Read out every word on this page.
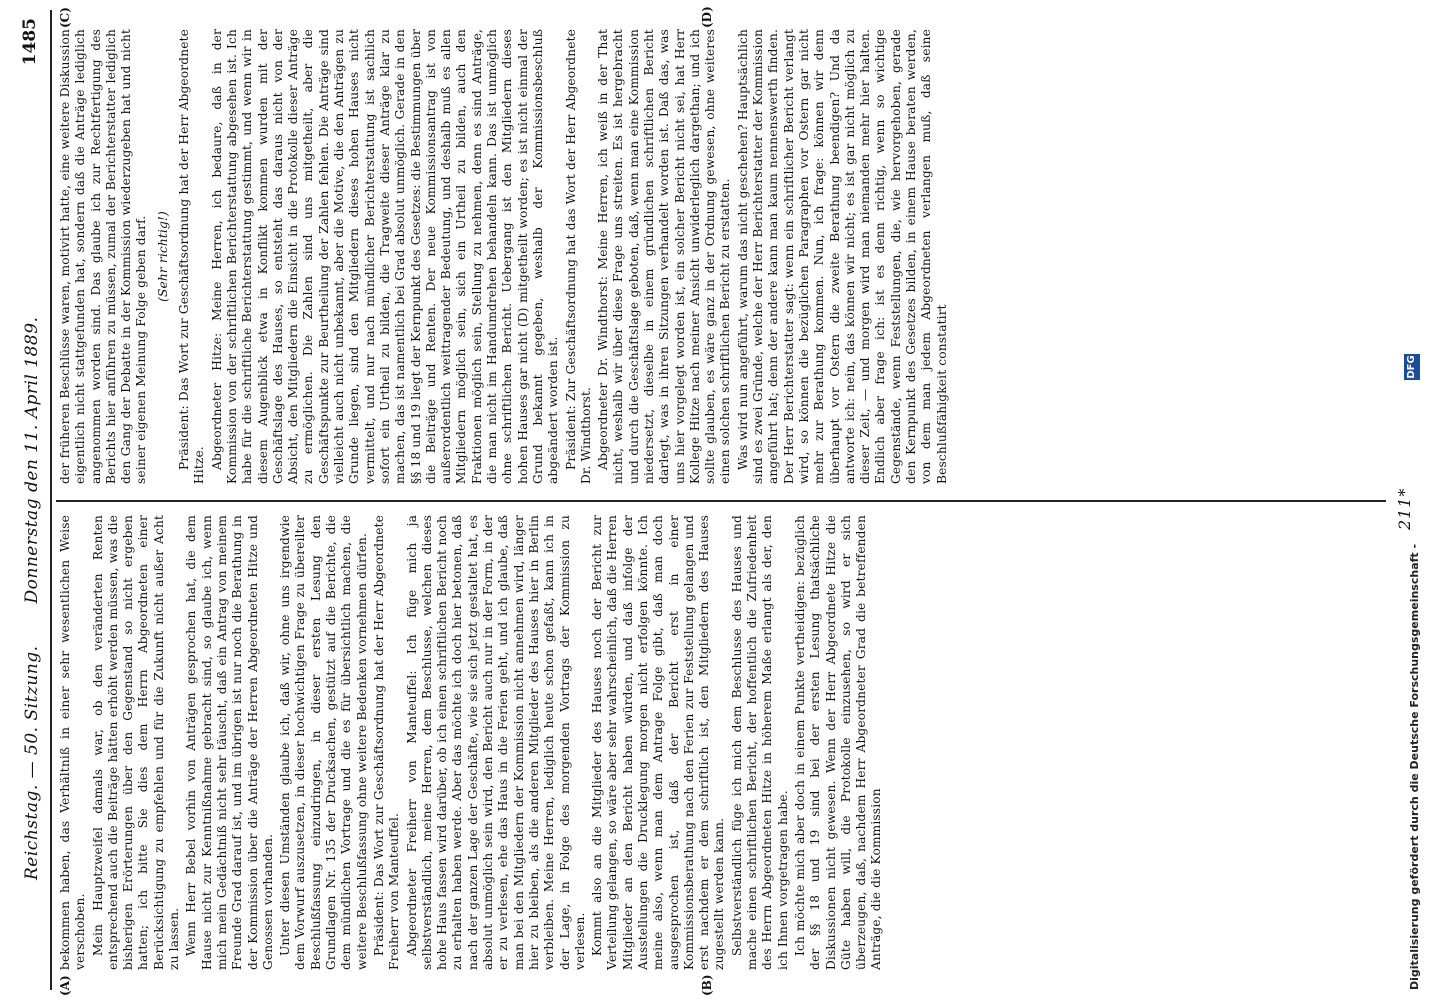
Reichstag. — 50. Sitzung.
Donnerstag den 11. April 1889.
1485
(A)	(B)
(C)	(D)

bekommen haben, das Verhältniß in einer sehr wesentlichen Weise verschoben. Mein Hauptzweifel damals war, ob den veränderten Renten entsprechend auch die Beiträge hätten erhöht werden müssen, was die bisherigen Erörterungen über den Gegenstand so nicht ergeben hatten; ich bitte Sie dies dem Herrn Abgeordneten einer Berücksichtigung zu empfehlen und für die Zukunft nicht außer Acht zu lassen. Wenn Herr Bebel vorhin von Anträgen gesprochen hat, die dem Hause nicht zur Kenntnißnahme gebracht sind, so glaube ich, wenn mich mein Gedächtniß nicht sehr täuscht, daß ein Antrag von meinem Freunde Grad darauf ist, und im übrigen ist nur noch die Berathung in der Kommission über die Anträge der Herren Abgeordneten Hitze und Genossen vorhanden. Unter diesen Umständen glaube ich, daß wir, ohne uns irgendwie dem Vorwurf auszusetzen, in dieser hochwichtigen Frage zu übereilter Beschlußfassung einzudringen, in dieser ersten Lesung den Grundlagen Nr. 135 der Drucksachen, gestützt auf die Berichte, die dem mündlichen Vortrage und die es für übersichtlich machen, die weitere Beschlußfassung ohne weitere Bedenken vornehmen dürfen. Präsident: Das Wort zur Geschäftsordnung hat der Herr Abgeordnete Freiherr von Manteuffel. Abgeordneter Freiherr von Manteuffel: Ich füge mich ja selbstverständlich, meine Herren, dem Beschlusse, welchen dieses hohe Haus fassen wird darüber, ob ich einen schriftlichen Bericht noch zu erhalten haben werde. Aber das möchte ich doch hier betonen, daß nach der ganzen Lage der Geschäfte, wie sie sich jetzt gestaltet hat, es absolut unmöglich sein wird, den Bericht auch nur in der Form, in der er zu verlesen, ehe das Haus in die Ferien geht, und ich glaube, daß man bei den Mitgliedern der Kommission nicht annehmen wird, länger hier zu bleiben, als die anderen Mitglieder des Hauses hier in Berlin verbleiben. Meine Herren, lediglich heute schon gefaßt, kann ich in der Lage, in Folge des morgenden Vortrags der Kommission zu verlesen. Kommt also an die Mitglieder des Hauses noch der Bericht zur Verteilung gelangen, so wäre aber sehr wahrscheinlich, daß die Herren Mitglieder an den Bericht haben würden, und daß infolge der Ausstellungen die Drucklegung morgen nicht erfolgen könnte. Ich meine also, wenn man dem Antrage Folge gibt, daß man doch ausgesprochen ist, daß der Bericht erst in einer Kommissionsberathung nach den Ferien zur Feststellung gelangen und erst nachdem er dem schriftlich ist, den Mitgliedern des Hauses zugestellt werden kann. Selbstverständlich füge ich mich dem Beschlusse des Hauses und mache einen schriftlichen Bericht, der hoffentlich die Zufriedenheit des Herrn Abgeordneten Hitze in höherem Maße erlangt als der, den ich Ihnen vorgetragen habe. Ich möchte mich aber doch in einem Punkte vertheidigen: bezüglich der §§ 18 und 19 sind bei der ersten Lesung thatsächliche Diskussionen nicht gewesen. Wenn der Herr Abgeordnete Hitze die Güte haben will, die Protokolle einzusehen, so wird er sich überzeugen, daß, nachdem Herr Abgeordneter Grad die betreffenden Anträge, die die Kommission

der früheren Beschlüsse waren, motivirt hatte, eine weitere Diskussion eigentlich nicht stattgefunden hat, sondern daß die Anträge lediglich angenommen worden sind. Das glaube ich zur Rechtfertigung des Berichts hier anführen zu müssen, zumal der Berichterstatter lediglich den Gang der Debatte in der Kommission wiederzugeben hat und nicht seiner eigenen Meinung Folge geben darf. (Sehr richtig!) Präsident: Das Wort zur Geschäftsordnung hat der Herr Abgeordnete Hitze. Abgeordneter Hitze: Meine Herren, ich bedaure, daß in der Kommission von der schriftlichen Berichterstattung abgesehen ist. Ich habe für die schriftliche Berichterstattung gestimmt, und wenn wir in diesem Augenblick etwa in Konflikt kommen wurden mit der Geschäftslage des Hauses, so entsteht das daraus nicht von der Absicht, den Mitgliedern die Einsicht in die Protokolle dieser Anträge zu ermöglichen. Die Zahlen sind uns mitgetheilt, aber die Geschäftspunkte zur Beurtheilung der Zahlen fehlen. Die Anträge sind vielleicht auch nicht unbekannt, aber die Motive, die den Anträgen zu Grunde liegen, sind den Mitgliedern dieses hohen Hauses nicht vermittelt, und nur nach mündlicher Berichterstattung ist sachlich sofort ein Urtheil zu bilden, die Tragweite dieser Anträge klar zu machen, das ist namentlich bei Grad absolut unmöglich. Gerade in den §§ 18 und 19 liegt der Kernpunkt des Gesetzes: die Bestimmungen über die Beiträge und Renten. Der neue Kommissionsantrag ist von außerordentlich weittragender Bedeutung, und deshalb muß es allen Mitgliedern möglich sein, sich ein Urtheil zu bilden, auch den Fraktionen möglich sein, Stellung zu nehmen, denn es sind Anträge, die man nicht im Handumdrehen behandeln kann. Das ist unmöglich ohne schriftlichen Bericht. Uebergang ist den Mitgliedern dieses hohen Hauses gar nicht (D) mitgetheilt worden; es ist nicht einmal der Grund bekannt gegeben, weshalb der Kommissionsbeschluß abgeändert worden ist. Präsident: Zur Geschäftsordnung hat das Wort der Herr Abgeordnete Dr. Windthorst. Abgeordneter Dr. Windthorst: Meine Herren, ich weiß in der That nicht, weshalb wir über diese Frage uns streiten. Es ist hergebracht und durch die Geschäftslage geboten, daß, wenn man eine Kommission niedersetzt, dieselbe in einem gründlichen schriftlichen Bericht darlegt, was in ihren Sitzungen verhandelt worden ist. Daß das, was uns hier vorgelegt worden ist, ein solcher Bericht nicht sei, hat Herr Kollege Hitze nach meiner Ansicht unwiderleglich dargethan; und ich sollte glauben, es wäre ganz in der Ordnung gewesen, ohne weiteres einen solchen schriftlichen Bericht zu erstatten. Was wird nun angeführt, warum das nicht geschehen? Hauptsächlich sind es zwei Gründe, welche der Herr Berichterstatter der Kommission angeführt hat; denn der andere kann man kaum nennenswerth finden. Der Herr Berichterstatter sagt: wenn ein schriftlicher Bericht verlangt wird, so können die bezüglichen Paragraphen vor Ostern gar nicht mehr zur Berathung kommen. Nun, ich frage: können wir denn überhaupt vor Ostern die zweite Berathung beendigen? Und da antworte ich: nein, das können wir nicht; es ist gar nicht möglich zu dieser Zeit, — und morgen wird man niemanden mehr hier halten. Endlich aber frage ich: ist es denn richtig, wenn so wichtige Gegenstände, wenn Feststellungen, die, wie hervorgehoben, gerade den Kernpunkt des Gesetzes bilden, in einem Hause beraten werden, von dem man jedem Abgeordneten verlangen muß, daß seine Beschlußfähigkeit constatirt

211*
Digitalisierung gefördert durch die Deutsche Forschungsgemeinschaft -
DFG
